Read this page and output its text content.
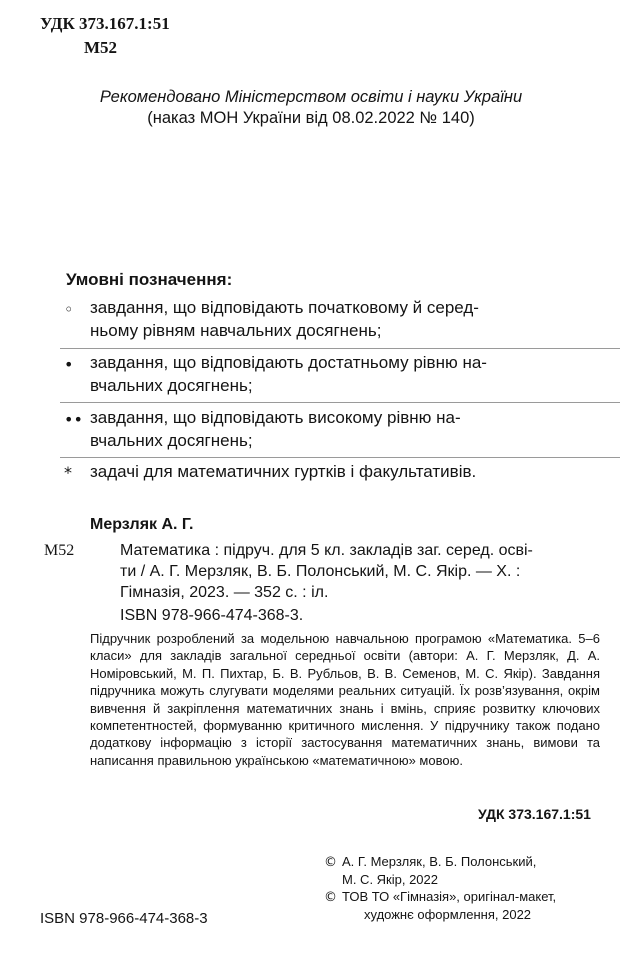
УДК 373.167.1:51
М52
Рекомендовано Міністерством освіти і науки України
(наказ МОН України від 08.02.2022 № 140)
Умовні позначення:
◦ завдання, що відповідають початковому й серед-
ньому рівням навчальних досягнень;
• завдання, що відповідають достатньому рівню на-
вчальних досягнень;
•• завдання, що відповідають високому рівню на-
вчальних досягнень;
* задачі для математичних гуртків і факультативів.
Мерзляк А. Г.
М52	Математика : підруч. для 5 кл. закладів заг. серед. осві-
ти / А. Г. Мерзляк, В. Б. Полонський, М. С. Якір. — Х. :
Гімназія, 2023. — 352 с. : іл.
ISBN 978-966-474-368-3.
Підручник розроблений за модельною навчальною програмою «Математика. 5–6 класи» для закладів загальної середньої освіти (автори: А. Г. Мерзляк, Д. А. Номіровський, М. П. Пихтар, Б. В. Рубльов, В. В. Семенов, М. С. Якір). Завдання підручника можуть слугувати моделями реальних ситуацій. Їх розв’язування, окрім вивчення й закріплення математичних знань і вмінь, сприяє розвитку ключових компетентностей, формуванню критичного мислення. У підручнику також подано додаткову інформацію з історії застосування математичних знань, вимови та написання правильною українською «математичною» мовою.
УДК 373.167.1:51
© А. Г. Мерзляк, В. Б. Полонський,
М. С. Якір, 2022
© ТОВ ТО «Гімназія», оригінал-макет,
художнє оформлення, 2022
ISBN 978-966-474-368-3
